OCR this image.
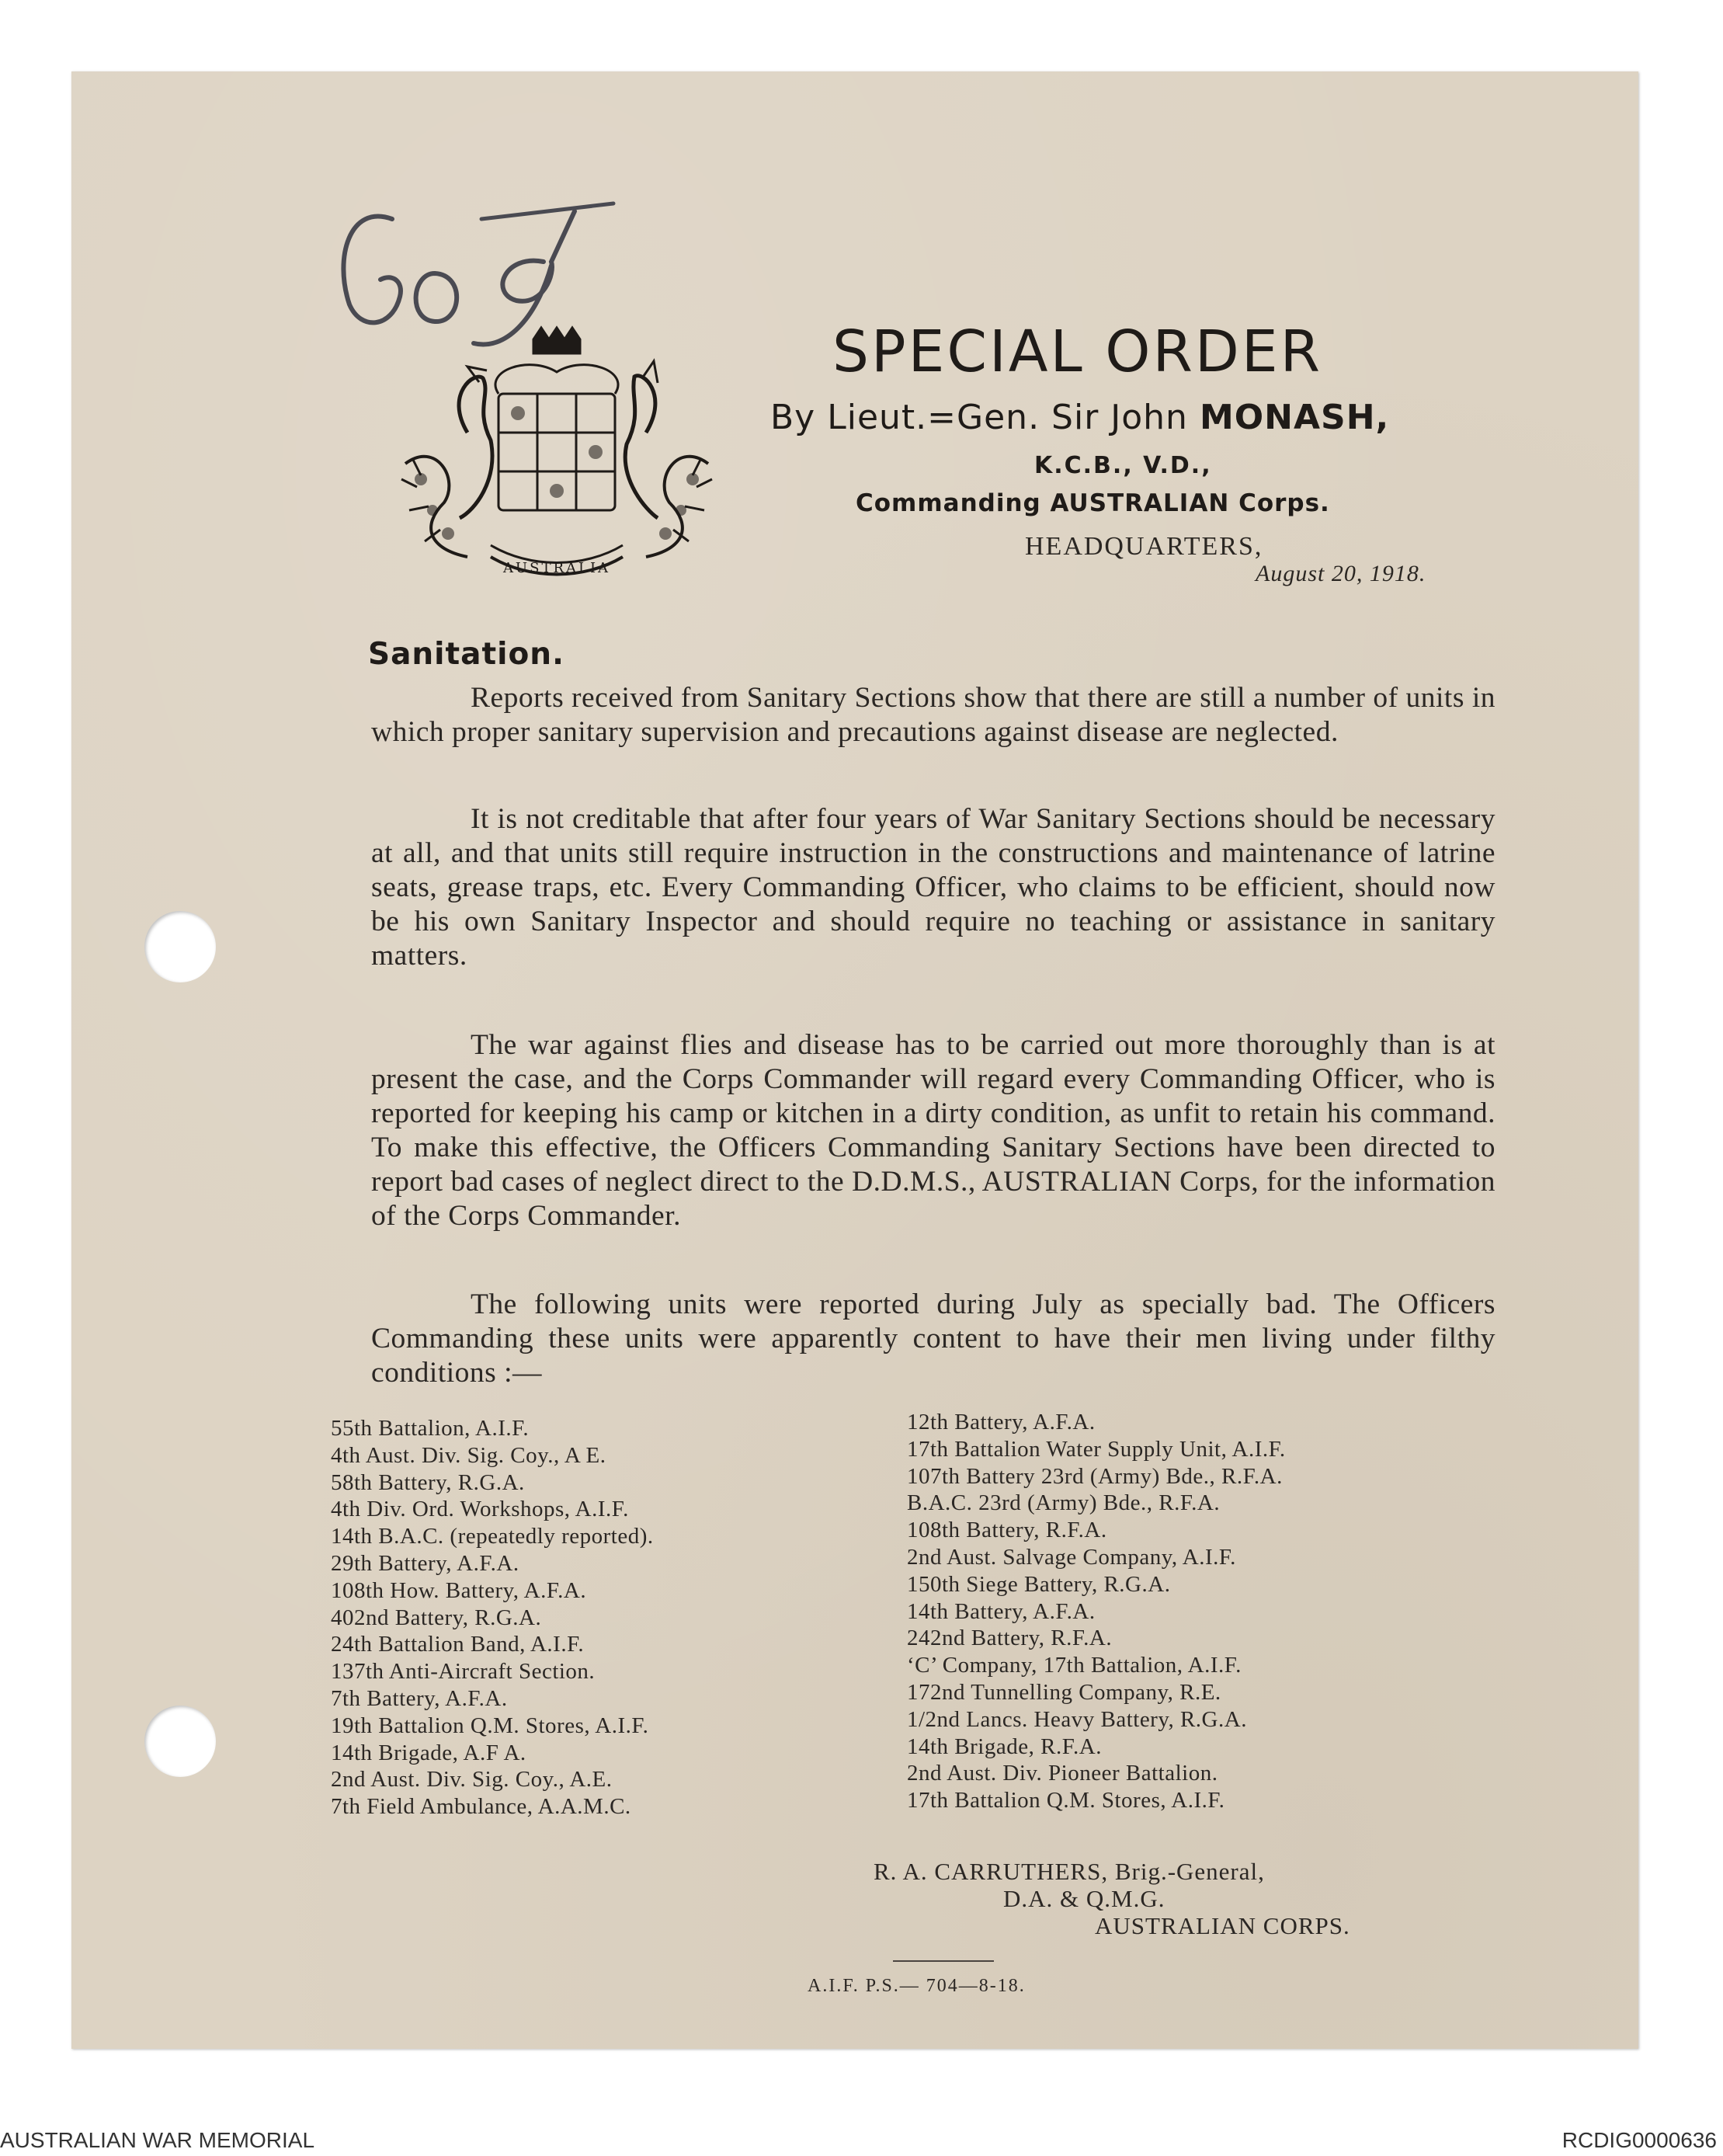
AUSTRALIA
SPECIAL ORDER
By Lieut.=Gen. Sir John MONASH,
K.C.B., V.D.,
Commanding AUSTRALIAN Corps.
HEADQUARTERS,
August 20, 1918.
Sanitation.

Reports received from Sanitary Sections show that there are still a number of units in which proper sanitary supervision and precautions against disease are neglected.

It is not creditable that after four years of War Sanitary Sections should be necessary at all, and that units still require instruction in the constructions and maintenance of latrine seats, grease traps, etc. Every Commanding Officer, who claims to be efficient, should now be his own Sanitary Inspector and should require no teaching or assistance in sanitary matters.

The war against flies and disease has to be carried out more thoroughly than is at present the case, and the Corps Commander will regard every Commanding Officer, who is reported for keeping his camp or kitchen in a dirty condition, as unfit to retain his command. To make this effective, the Officers Commanding Sanitary Sections have been directed to report bad cases of neglect direct to the D.D.M.S., AUSTRALIAN Corps, for the information of the Corps Commander.

The following units were reported during July as specially bad. The Officers Commanding these units were apparently content to have their men living under filthy conditions :—

55th Battalion, A.I.F.
4th Aust. Div. Sig. Coy., A E.
58th Battery, R.G.A.
4th Div. Ord. Workshops, A.I.F.
14th B.A.C. (repeatedly reported).
29th Battery, A.F.A.
108th How. Battery, A.F.A.
402nd Battery, R.G.A.
24th Battalion Band, A.I.F.
137th Anti-Aircraft Section.
7th Battery, A.F.A.
19th Battalion Q.M. Stores, A.I.F.
14th Brigade, A.F A.
2nd Aust. Div. Sig. Coy., A.E.
7th Field Ambulance, A.A.M.C.
12th Battery, A.F.A.
17th Battalion Water Supply Unit, A.I.F.
107th Battery 23rd (Army) Bde., R.F.A.
B.A.C. 23rd (Army) Bde., R.F.A.
108th Battery, R.F.A.
2nd Aust. Salvage Company, A.I.F.
150th Siege Battery, R.G.A.
14th Battery, A.F.A.
242nd Battery, R.F.A.
‘C’ Company, 17th Battalion, A.I.F.
172nd Tunnelling Company, R.E.
1/2nd Lancs. Heavy Battery, R.G.A.
14th Brigade, R.F.A.
2nd Aust. Div. Pioneer Battalion.
17th Battalion Q.M. Stores, A.I.F.
R. A. CARRUTHERS, Brig.-General,
D.A. & Q.M.G.
AUSTRALIAN CORPS.
A.I.F. P.S.— 704—8-18.
AUSTRALIAN WAR MEMORIAL	RCDIG0000636
